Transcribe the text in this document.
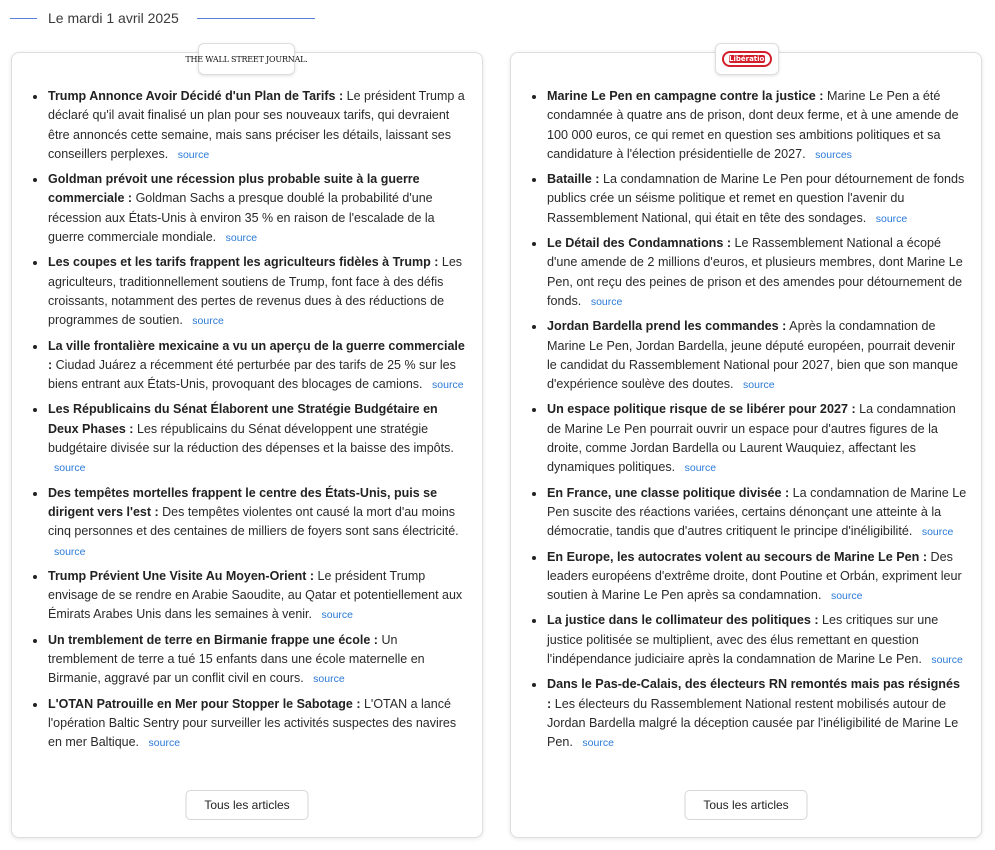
Le mardi 1 avril 2025
THE WALL STREET JOURNAL.
Trump Annonce Avoir Décidé d'un Plan de Tarifs : Le président Trump a déclaré qu'il avait finalisé un plan pour ses nouveaux tarifs, qui devraient être annoncés cette semaine, mais sans préciser les détails, laissant ses conseillers perplexes. source
Goldman prévoit une récession plus probable suite à la guerre commerciale : Goldman Sachs a presque doublé la probabilité d'une récession aux États-Unis à environ 35 % en raison de l'escalade de la guerre commerciale mondiale. source
Les coupes et les tarifs frappent les agriculteurs fidèles à Trump : Les agriculteurs, traditionnellement soutiens de Trump, font face à des défis croissants, notamment des pertes de revenus dues à des réductions de programmes de soutien. source
La ville frontalière mexicaine a vu un aperçu de la guerre commerciale : Ciudad Juárez a récemment été perturbée par des tarifs de 25 % sur les biens entrant aux États-Unis, provoquant des blocages de camions. source
Les Républicains du Sénat Élaborent une Stratégie Budgétaire en Deux Phases : Les républicains du Sénat développent une stratégie budgétaire divisée sur la réduction des dépenses et la baisse des impôts. source
Des tempêtes mortelles frappent le centre des États-Unis, puis se dirigent vers l'est : Des tempêtes violentes ont causé la mort d'au moins cinq personnes et des centaines de milliers de foyers sont sans électricité. source
Trump Prévient Une Visite Au Moyen-Orient : Le président Trump envisage de se rendre en Arabie Saoudite, au Qatar et potentiellement aux Émirats Arabes Unis dans les semaines à venir. source
Un tremblement de terre en Birmanie frappe une école : Un tremblement de terre a tué 15 enfants dans une école maternelle en Birmanie, aggravé par un conflit civil en cours. source
L'OTAN Patrouille en Mer pour Stopper le Sabotage : L'OTAN a lancé l'opération Baltic Sentry pour surveiller les activités suspectes des navires en mer Baltique. source
Tous les articles
Libération
Marine Le Pen en campagne contre la justice : Marine Le Pen a été condamnée à quatre ans de prison, dont deux ferme, et à une amende de 100 000 euros, ce qui remet en question ses ambitions politiques et sa candidature à l'élection présidentielle de 2027. sources
Bataille : La condamnation de Marine Le Pen pour détournement de fonds publics crée un séisme politique et remet en question l'avenir du Rassemblement National, qui était en tête des sondages. source
Le Détail des Condamnations : Le Rassemblement National a écopé d'une amende de 2 millions d'euros, et plusieurs membres, dont Marine Le Pen, ont reçu des peines de prison et des amendes pour détournement de fonds. source
Jordan Bardella prend les commandes : Après la condamnation de Marine Le Pen, Jordan Bardella, jeune député européen, pourrait devenir le candidat du Rassemblement National pour 2027, bien que son manque d'expérience soulève des doutes. source
Un espace politique risque de se libérer pour 2027 : La condamnation de Marine Le Pen pourrait ouvrir un espace pour d'autres figures de la droite, comme Jordan Bardella ou Laurent Wauquiez, affectant les dynamiques politiques. source
En France, une classe politique divisée : La condamnation de Marine Le Pen suscite des réactions variées, certains dénonçant une atteinte à la démocratie, tandis que d'autres critiquent le principe d'inéligibilité. source
En Europe, les autocrates volent au secours de Marine Le Pen : Des leaders européens d'extrême droite, dont Poutine et Orbán, expriment leur soutien à Marine Le Pen après sa condamnation. source
La justice dans le collimateur des politiques : Les critiques sur une justice politisée se multiplient, avec des élus remettant en question l'indépendance judiciaire après la condamnation de Marine Le Pen. source
Dans le Pas-de-Calais, des électeurs RN remontés mais pas résignés : Les électeurs du Rassemblement National restent mobilisés autour de Jordan Bardella malgré la déception causée par l'inéligibilité de Marine Le Pen. source
Tous les articles
